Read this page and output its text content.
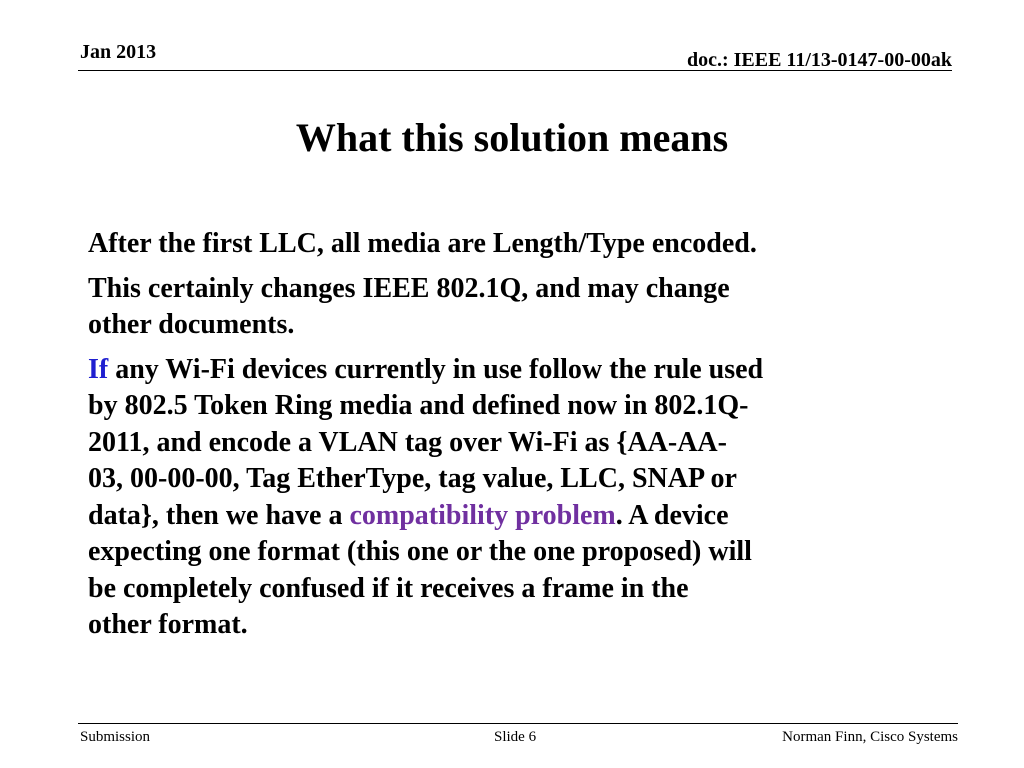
Jan 2013	doc.: IEEE 11/13-0147-00-00ak
What this solution means

After the first LLC, all media are Length/Type encoded.

This certainly changes IEEE 802.1Q, and may change
other documents.

If any Wi-Fi devices currently in use follow the rule used
by 802.5 Token Ring media and defined now in 802.1Q-
2011, and encode a VLAN tag over Wi-Fi as {AA-AA-
03, 00-00-00, Tag EtherType, tag value, LLC, SNAP or
data}, then we have a compatibility problem. A device
expecting one format (this one or the one proposed) will
be completely confused if it receives a frame in the
other format.

Submission	Slide 6	Norman Finn, Cisco Systems
